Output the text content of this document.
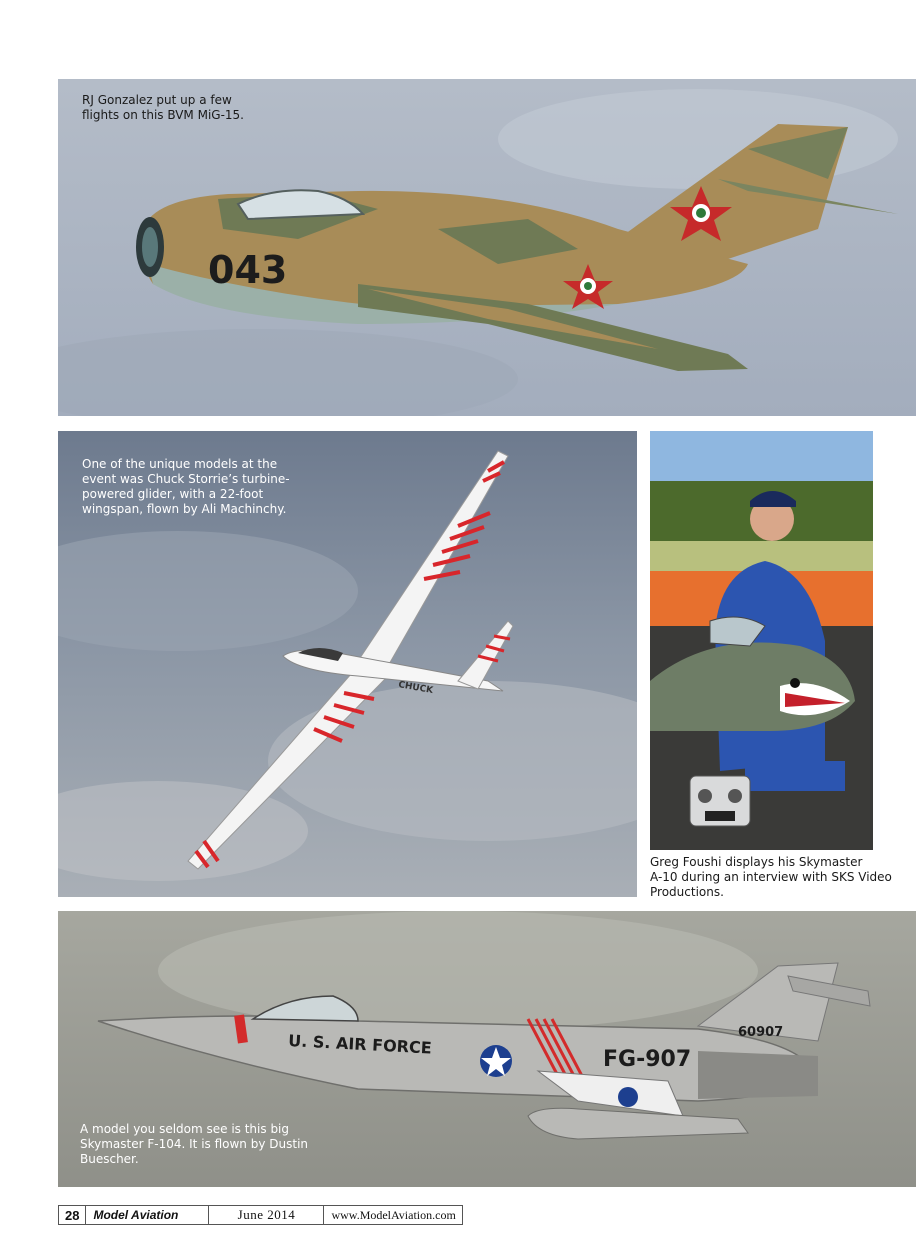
043
RJ Gonzalez put up a few
flights on this BVM MiG-15.
CHUCK
One of the unique models at the
event was Chuck Storrie’s turbine-
powered glider, with a 22-foot
wingspan, flown by Ali Machinchy.
Greg Foushi displays his Skymaster
A-10 during an interview with SKS Video
Productions.
U. S. AIR FORCE
FG-907
60907
A model you seldom see is this big
Skymaster F-104. It is flown by Dustin
Buescher.
28	Model Aviation	June 2014	www.ModelAviation.com
